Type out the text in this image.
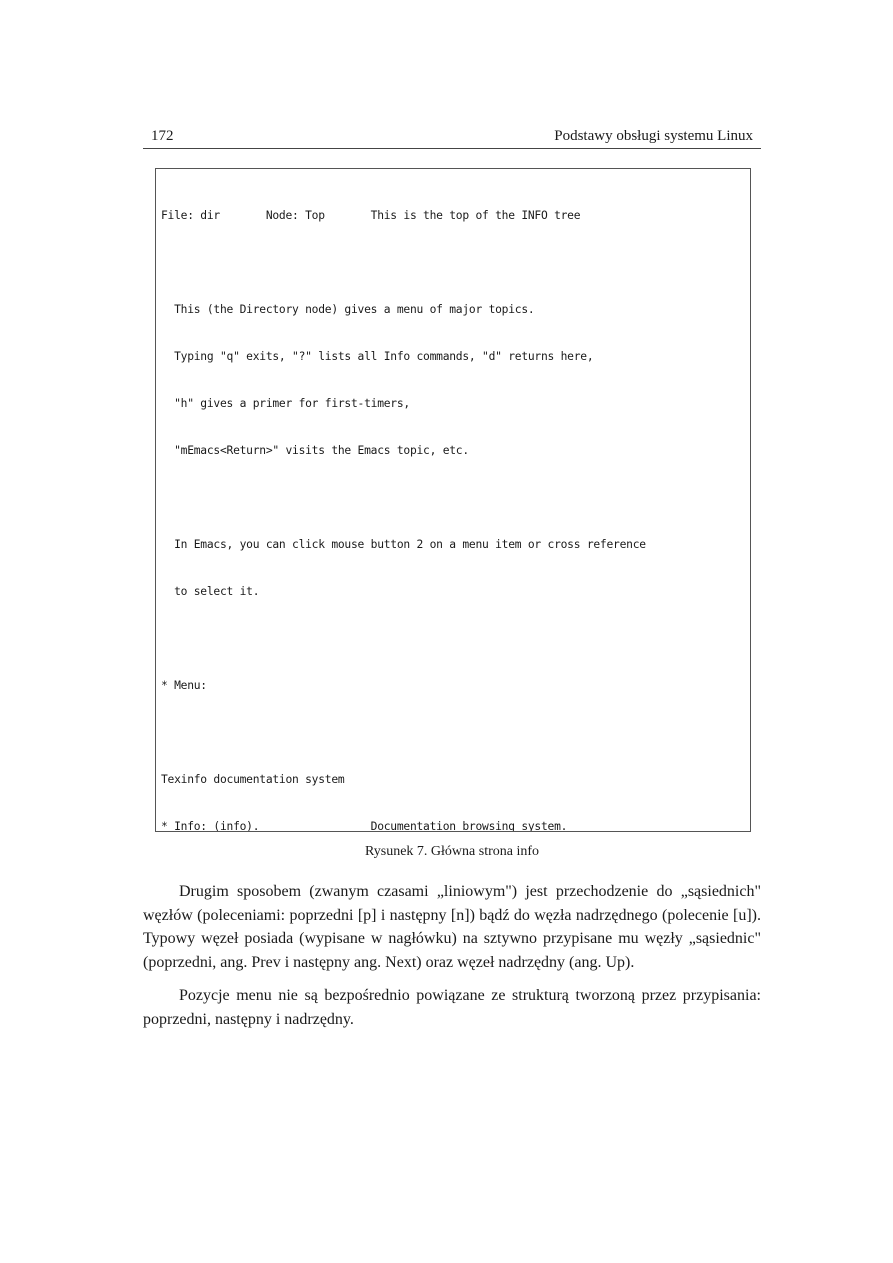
172	Podstawy obsługi systemu Linux

File: dir       Node: Top       This is the top of the INFO tree

This (the Directory node) gives a menu of major topics.

Typing "q" exits, "?" lists all Info commands, "d" returns here,

"h" gives a primer for first-timers,

"mEmacs<Return>" visits the Emacs topic, etc.

In Emacs, you can click mouse button 2 on a menu item or cross reference

to select it.

* Menu:

Texinfo documentation system

* Info: (info).                 Documentation browsing system.

Rysunek 7. Główna strona info

Drugim sposobem (zwanym czasami „liniowym") jest przechodzenie do „sąsiednich" węzłów (poleceniami: poprzedni [p] i następny [n]) bądź do węzła nadrzędnego (polecenie [u]). Typowy węzeł posiada (wypisane w nagłówku) na sztywno przypisane mu węzły „sąsiednic" (poprzedni, ang. Prev i następny ang. Next) oraz węzeł nadrzędny (ang. Up).

Pozycje menu nie są bezpośrednio powiązane ze strukturą tworzoną przez przypisania: poprzedni, następny i nadrzędny.
